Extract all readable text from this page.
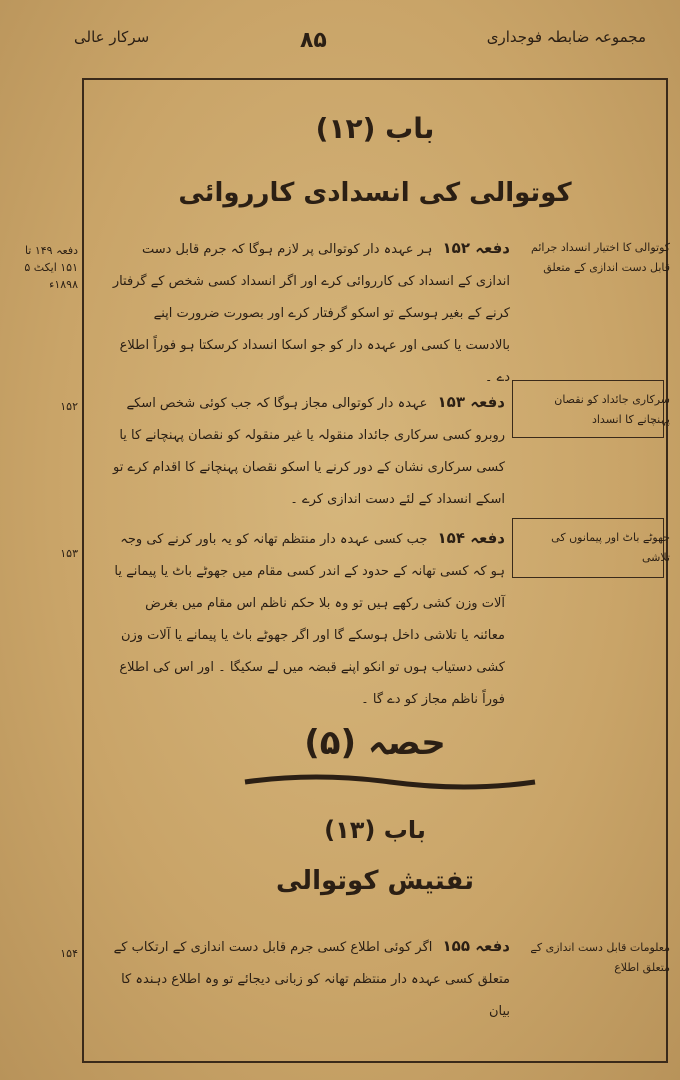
مجموعہ ضابطہ فوجداری
۸۵
سرکار عالی
باب (۱۲)
کوتوالی کی انسدادی کارروائی
کوتوالی کا اختیار انسداد جرائم قابل دست اندازی کے متعلق
دفعہ ۱۴۹ تا ۱۵۱ ایکٹ ۵ ۱۸۹۸ء
دفعہ ۱۵۲ ہر عہدہ دار کوتوالی پر لازم ہوگا کہ جرم قابل دست اندازی کے انسداد کی کارروائی کرے اور اگر انسداد کسی شخص کے گرفتار کرنے کے بغیر ہوسکے تو اسکو گرفتار کرے اور بصورت ضرورت اپنے بالادست یا کسی اور عہدہ دار کو جو اسکا انسداد کرسکتا ہو فوراً اطلاع دے ۔
سرکاری جائداد کو نقصان پہنچانے کا انسداد
۱۵۲	دفعہ ۱۵۳ عہدہ دار کوتوالی مجاز ہوگا کہ جب کوئی شخص اسکے روبرو کسی سرکاری جائداد منقولہ یا غیر منقولہ کو نقصان پہنچانے کا یا کسی سرکاری نشان کے دور کرنے یا اسکو نقصان پہنچانے کا اقدام کرے تو اسکے انسداد کے لئے دست اندازی کرے ۔
جھوٹے باٹ اور پیمانوں کی تلاشی
۱۵۳
دفعہ ۱۵۴ جب کسی عہدہ دار منتظم تھانہ کو یہ باور کرنے کی وجہ ہو کہ کسی تھانہ کے حدود کے اندر کسی مقام میں جھوٹے باٹ یا پیمانے یا آلات وزن کشی رکھے ہیں تو وہ بلا حکم ناظم اس مقام میں بغرض معائنہ یا تلاشی داخل ہوسکے گا اور اگر جھوٹے باٹ یا پیمانے یا آلات وزن کشی دستیاب ہوں تو انکو اپنے قبضہ میں لے سکیگا ۔ اور اس کی اطلاع فوراً ناظم مجاز کو دے گا ۔
حصہ (۵)
باب (۱۳)
تفتیش کوتوالی
معلومات قابل دست اندازی کے متعلق اطلاع
۱۵۴	دفعہ ۱۵۵ اگر کوئی اطلاع کسی جرم قابل دست اندازی کے ارتکاب کے متعلق کسی عہدہ دار منتظم تھانہ کو زبانی دیجائے تو وہ اطلاع دہندہ کا بیان
